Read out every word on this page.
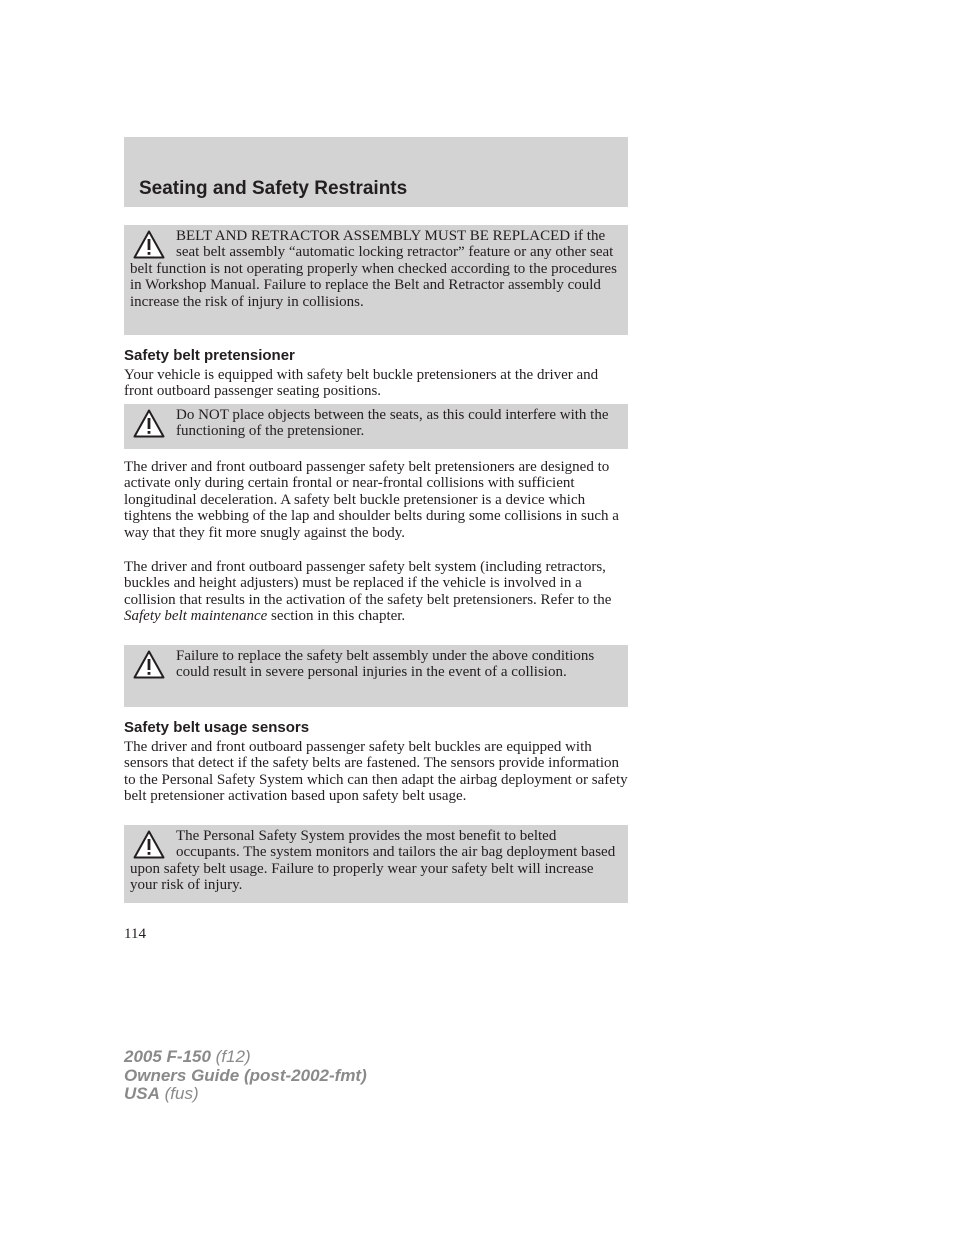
Seating and Safety Restraints
BELT AND RETRACTOR ASSEMBLY MUST BE REPLACED if the seat belt assembly “automatic locking retractor” feature or any other seat belt function is not operating properly when checked according to the procedures in Workshop Manual. Failure to replace the Belt and Retractor assembly could increase the risk of injury in collisions.
Safety belt pretensioner
Your vehicle is equipped with safety belt buckle pretensioners at the driver and front outboard passenger seating positions.
Do NOT place objects between the seats, as this could interfere with the functioning of the pretensioner.
The driver and front outboard passenger safety belt pretensioners are designed to activate only during certain frontal or near-frontal collisions with sufficient longitudinal deceleration. A safety belt buckle pretensioner is a device which tightens the webbing of the lap and shoulder belts during some collisions in such a way that they fit more snugly against the body.
The driver and front outboard passenger safety belt system (including retractors, buckles and height adjusters) must be replaced if the vehicle is involved in a collision that results in the activation of the safety belt pretensioners. Refer to the Safety belt maintenance section in this chapter.
Failure to replace the safety belt assembly under the above conditions could result in severe personal injuries in the event of a collision.
Safety belt usage sensors
The driver and front outboard passenger safety belt buckles are equipped with sensors that detect if the safety belts are fastened. The sensors provide information to the Personal Safety System which can then adapt the airbag deployment or safety belt pretensioner activation based upon safety belt usage.
The Personal Safety System provides the most benefit to belted occupants. The system monitors and tailors the air bag deployment based upon safety belt usage. Failure to properly wear your safety belt will increase your risk of injury.
114
2005 F-150 (f12)
Owners Guide (post-2002-fmt)
USA (fus)
